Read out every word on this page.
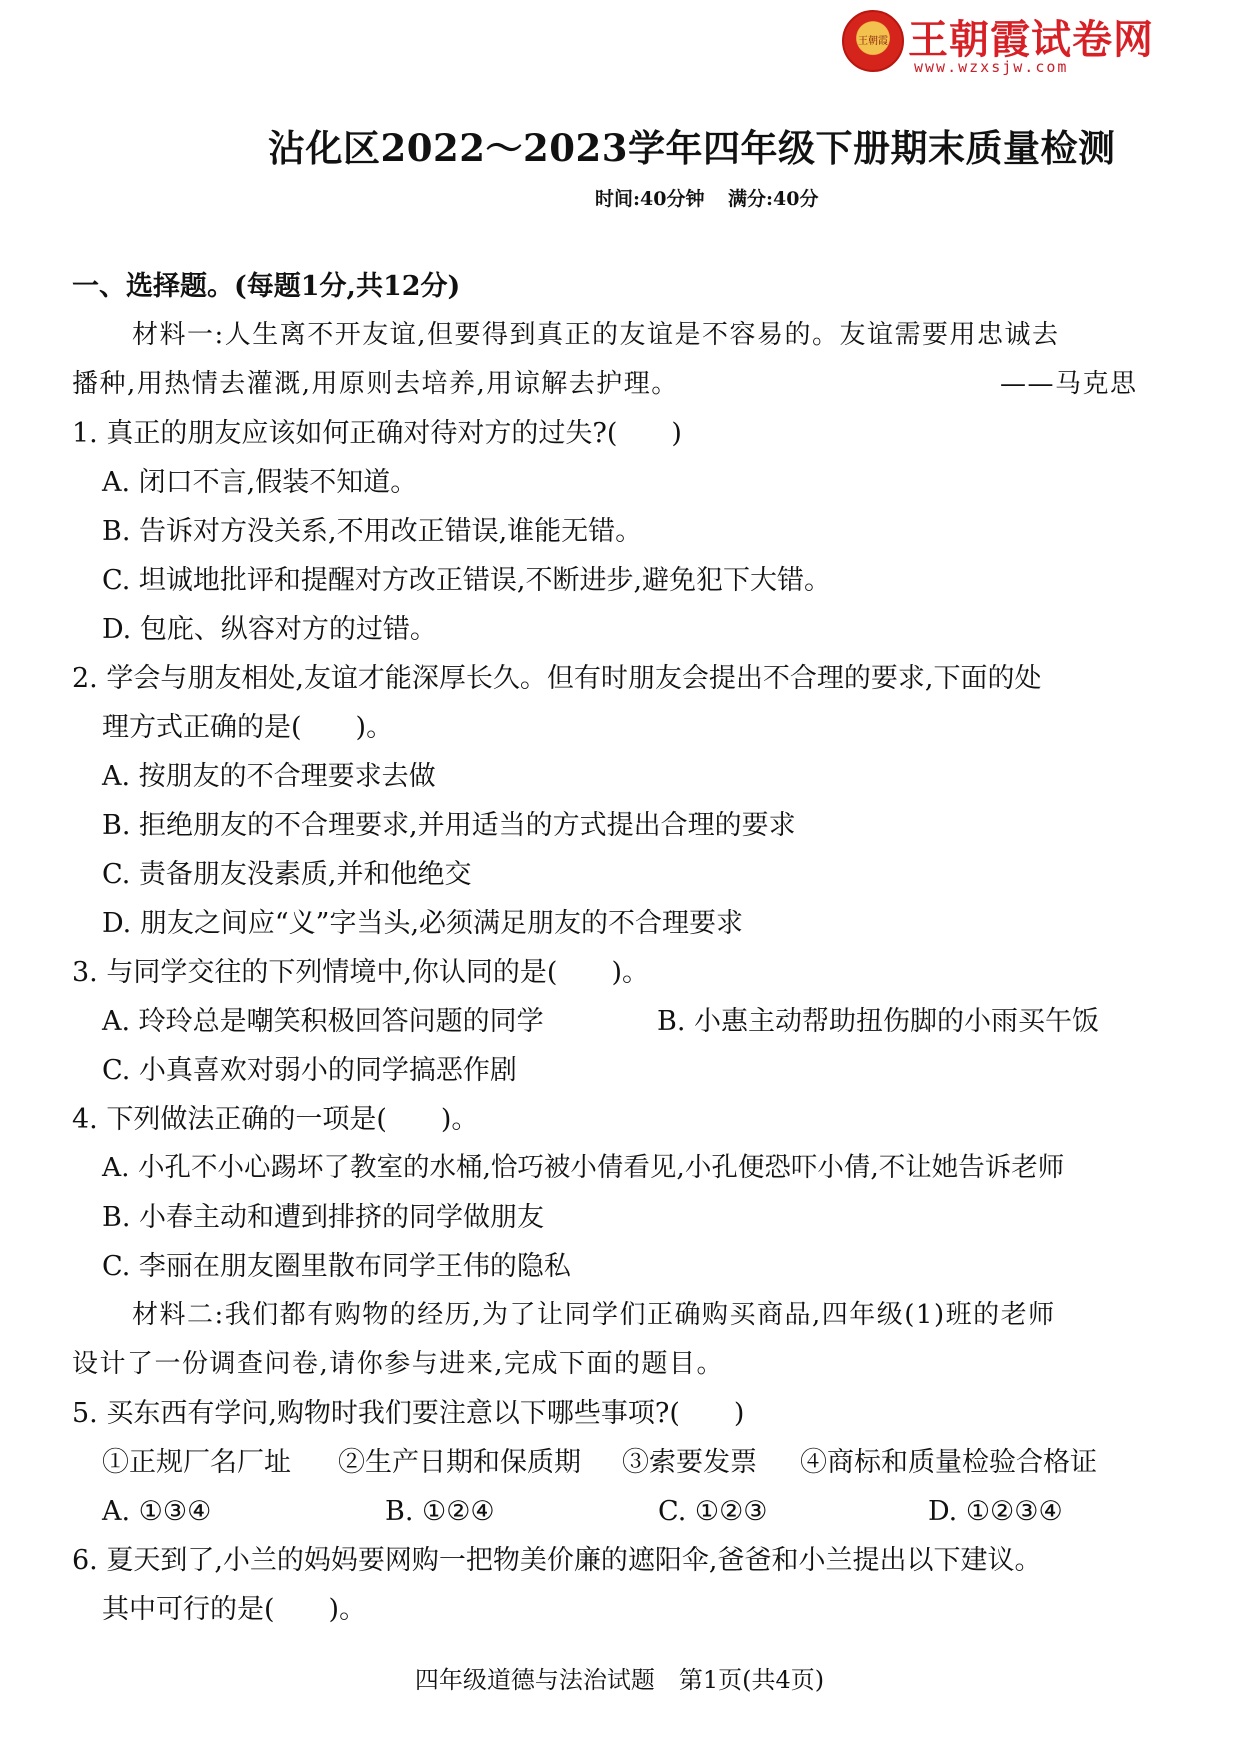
王朝霞 王朝霞试卷网
www.wzxsjw.com
沾化区2022～2023学年四年级下册期末质量检测
时间:40分钟 满分:40分
一、选择题。(每题1分,共12分)
材料一:人生离不开友谊,但要得到真正的友谊是不容易的。友谊需要用忠诚去
播种,用热情去灌溉,用原则去培养,用谅解去护理。	——马克思
1. 真正的朋友应该如何正确对待对方的过失?(　　)
A. 闭口不言,假装不知道。
B. 告诉对方没关系,不用改正错误,谁能无错。
C. 坦诚地批评和提醒对方改正错误,不断进步,避免犯下大错。
D. 包庇、纵容对方的过错。
2. 学会与朋友相处,友谊才能深厚长久。但有时朋友会提出不合理的要求,下面的处
理方式正确的是(　　)。
A. 按朋友的不合理要求去做
B. 拒绝朋友的不合理要求,并用适当的方式提出合理的要求
C. 责备朋友没素质,并和他绝交
D. 朋友之间应“义”字当头,必须满足朋友的不合理要求
3. 与同学交往的下列情境中,你认同的是(　　)。
A. 玲玲总是嘲笑积极回答问题的同学	B. 小惠主动帮助扭伤脚的小雨买午饭
C. 小真喜欢对弱小的同学搞恶作剧
4. 下列做法正确的一项是(　　)。
A. 小孔不小心踢坏了教室的水桶,恰巧被小倩看见,小孔便恐吓小倩,不让她告诉老师
B. 小春主动和遭到排挤的同学做朋友
C. 李丽在朋友圈里散布同学王伟的隐私
材料二:我们都有购物的经历,为了让同学们正确购买商品,四年级(1)班的老师
设计了一份调查问卷,请你参与进来,完成下面的题目。
5. 买东西有学问,购物时我们要注意以下哪些事项?(　　)
①正规厂名厂址 ②生产日期和保质期 ③索要发票 ④商标和质量检验合格证
A. ①③④	B. ①②④	C. ①②③	D. ①②③④
6. 夏天到了,小兰的妈妈要网购一把物美价廉的遮阳伞,爸爸和小兰提出以下建议。
其中可行的是(　　)。
四年级道德与法治试题　第1页(共4页)
